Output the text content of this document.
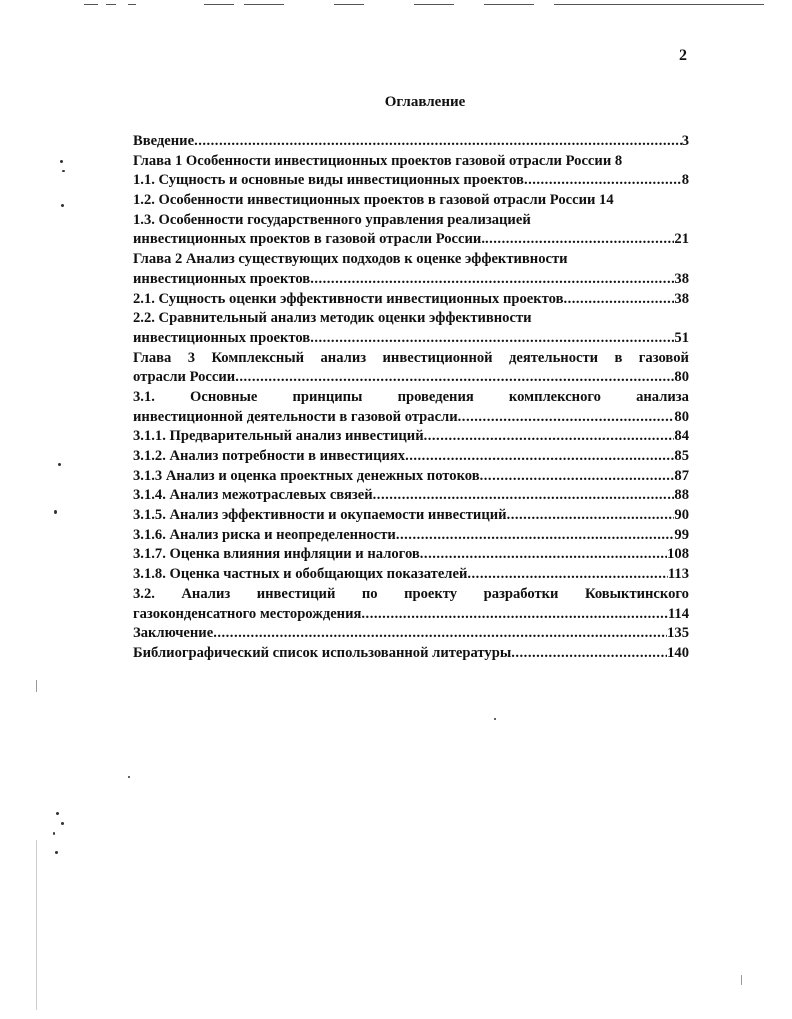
2
Оглавление
Введение .....	3
Глава 1 Особенности инвестиционных проектов газовой отрасли России 8
1.1. Сущность и основные виды инвестиционных проектов .....	8
1.2. Особенности инвестиционных проектов в газовой отрасли России 14
1.3. Особенности государственного управления реализацией
инвестиционных проектов в газовой отрасли России. .....	21
Глава 2 Анализ существующих подходов к оценке эффективности
инвестиционных проектов .....	38
2.1. Сущность оценки эффективности инвестиционных проектов .....	38
2.2. Сравнительный анализ методик оценки эффективности
инвестиционных проектов .....	51
Глава 3 Комплексный анализ инвестиционной деятельности в газовой
отрасли России .....	80
3.1. Основные принципы проведения комплексного анализа
инвестиционной деятельности в газовой отрасли .....	80
3.1.1. Предварительный анализ инвестиций .....	84
3.1.2. Анализ потребности в инвестициях .....	85
3.1.3 Анализ и оценка проектных денежных потоков .....	87
3.1.4. Анализ межотраслевых связей .....	88
3.1.5. Анализ эффективности и окупаемости инвестиций .....	90
3.1.6. Анализ риска и неопределенности .....	99
3.1.7. Оценка влияния инфляции и налогов .....	108
3.1.8. Оценка частных и обобщающих показателей .....	113
3.2. Анализ инвестиций по проекту разработки Ковыктинского
газоконденсатного месторождения .....	114
Заключение .....	135
Библиографический список использованной литературы .....	140
